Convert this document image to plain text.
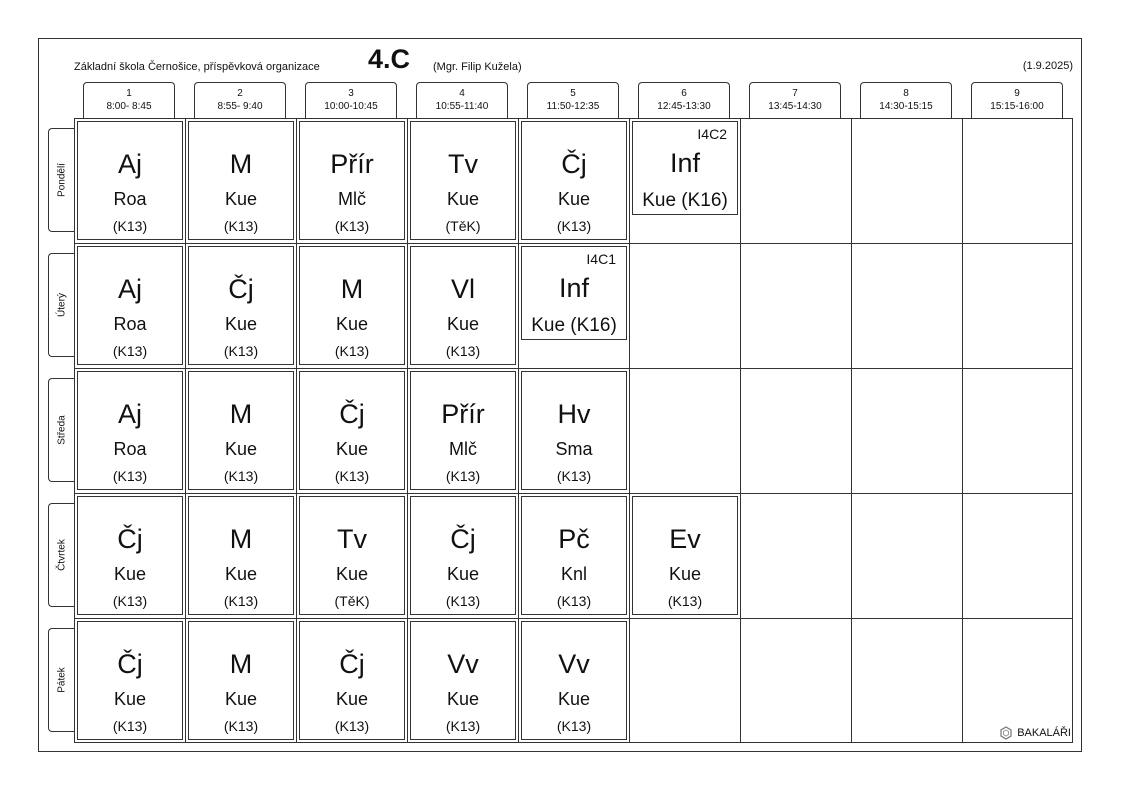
Základní škola Černošice, příspěvková organizace 4.C (Mgr. Filip Kužela)	(1.9.2025)
1
8:00- 8:45
2
8:55- 9:40
3
10:00-10:45
4
10:55-11:40
5
11:50-12:35
6
12:45-13:30
7
13:45-14:30
8
14:30-15:15
9
15:15-16:00
Pondělí
Úterý
Středa
Čtvrtek
Pátek
Aj
Roa
(K13)
M
Kue
(K13)
Přír
Mlč
(K13)
Tv
Kue
(TěK)
Čj
Kue
(K13)
I4C2
Inf
Kue (K16)
Aj
Roa
(K13)
Čj
Kue
(K13)
M
Kue
(K13)
Vl
Kue
(K13)
I4C1
Inf
Kue (K16)
Aj
Roa
(K13)
M
Kue
(K13)
Čj
Kue
(K13)
Přír
Mlč
(K13)
Hv
Sma
(K13)
Čj
Kue
(K13)
M
Kue
(K13)
Tv
Kue
(TěK)
Čj
Kue
(K13)
Pč
Knl
(K13)
Ev
Kue
(K13)
Čj
Kue
(K13)
M
Kue
(K13)
Čj
Kue
(K13)
Vv
Kue
(K13)
Vv
Kue
(K13)	BAKALÁŘI
